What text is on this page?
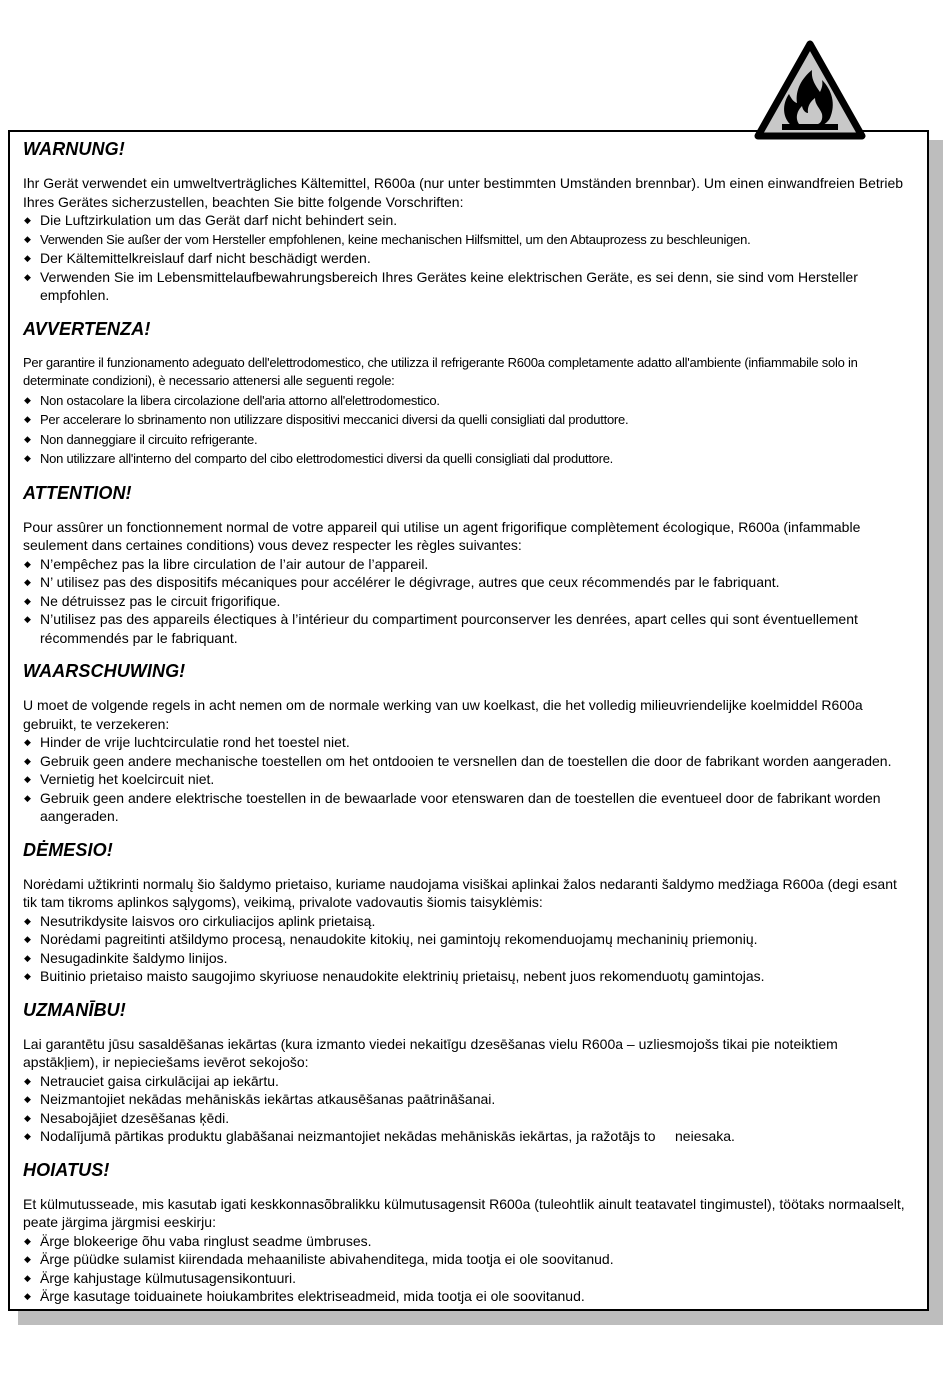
WARNUNG!

Ihr Gerät verwendet ein umweltverträgliches Kältemittel, R600a (nur unter bestimmten Umständen brennbar). Um einen einwandfreien Betrieb Ihres Gerätes sicherzustellen, beachten Sie bitte folgende Vorschriften:

◆ Die Luftzirkulation um das Gerät darf nicht behindert sein.
◆ Verwenden Sie außer der vom Hersteller empfohlenen, keine mechanischen Hilfsmittel, um den Abtauprozess zu beschleunigen.
◆ Der Kältemittelkreislauf darf nicht beschädigt werden.
◆ Verwenden Sie im Lebensmittelaufbewahrungsbereich Ihres Gerätes keine elektrischen Geräte, es sei denn, sie sind vom Hersteller empfohlen.
AVVERTENZA!

Per garantire il funzionamento adeguato dell'elettrodomestico, che utilizza il refrigerante R600a completamente adatto all'ambiente (infiammabile solo in determinate condizioni), è necessario attenersi alle seguenti regole:

◆ Non ostacolare la libera circolazione dell'aria attorno all'elettrodomestico.
◆ Per accelerare lo sbrinamento non utilizzare dispositivi meccanici diversi da quelli consigliati dal produttore.
◆ Non danneggiare il circuito refrigerante.
◆ Non utilizzare all'interno del comparto del cibo elettrodomestici diversi da quelli consigliati dal produttore.
ATTENTION!

Pour assûrer un fonctionnement normal de votre appareil qui utilise un agent frigorifique complètement écologique, R600a (infammable seulement dans certaines conditions) vous devez respecter les règles suivantes:

◆ N’empêchez pas la libre circulation de l’air autour de l’appareil.
◆ N’ utilisez pas des dispositifs mécaniques pour accélérer le dégivrage, autres que ceux récommendés par le fabriquant.
◆ Ne détruissez pas le circuit frigorifique.
◆ N’utilisez pas des appareils électiques à l’intérieur du compartiment pourconserver les denrées, apart celles qui sont éventuellement récommendés par le fabriquant.
WAARSCHUWING!

U moet de volgende regels in acht nemen om de normale werking van uw koelkast, die het volledig milieuvriendelijke koelmiddel R600a gebruikt, te verzekeren:

◆ Hinder de vrije luchtcirculatie rond het toestel niet.
◆ Gebruik geen andere mechanische toestellen om het ontdooien te versnellen dan de toestellen die door de fabrikant worden aangeraden.
◆ Vernietig het koelcircuit niet.
◆ Gebruik geen andere elektrische toestellen in de bewaarlade voor etenswaren dan de toestellen die eventueel door de fabrikant worden aangeraden.
DĖMESIO!

Norėdami užtikrinti normalų šio šaldymo prietaiso, kuriame naudojama visiškai aplinkai žalos nedaranti šaldymo medžiaga R600a (degi esant tik tam tikroms aplinkos sąlygoms), veikimą, privalote vadovautis šiomis taisyklėmis:

◆ Nesutrikdysite laisvos oro cirkuliacijos aplink prietaisą.
◆ Norėdami pagreitinti atšildymo procesą, nenaudokite kitokių, nei gamintojų rekomenduojamų mechaninių priemonių.
◆ Nesugadinkite šaldymo linijos.
◆ Buitinio prietaiso maisto saugojimo skyriuose nenaudokite elektrinių prietaisų, nebent juos rekomenduotų gamintojas.
UZMANĪBU!

Lai garantētu jūsu sasaldēšanas iekārtas (kura izmanto viedei nekaitīgu dzesēšanas vielu R600a – uzliesmojošs tikai pie noteiktiem apstākļiem), ir nepieciešams ievērot sekojošo:

◆ Netrauciet gaisa cirkulācijai ap iekārtu.
◆ Neizmantojiet nekādas mehāniskās iekārtas atkausēšanas paātrināšanai.
◆ Nesabojājiet dzesēšanas ķēdi.
◆ Nodalījumā pārtikas produktu glabāšanai neizmantojiet nekādas mehāniskās iekārtas, ja ražotājs to     neiesaka.
HOIATUS!

Et külmutusseade, mis kasutab igati keskkonnasõbralikku külmutusagensit R600a (tuleohtlik ainult teatavatel tingimustel), töötaks normaalselt, peate järgima järgmisi eeskirju:

◆ Ärge blokeerige õhu vaba ringlust seadme ümbruses.
◆ Ärge püüdke sulamist kiirendada mehaaniliste abivahenditega, mida tootja ei ole soovitanud.
◆ Ärge kahjustage külmutusagensikontuuri.
◆ Ärge kasutage toiduainete hoiukambrites elektriseadmeid, mida tootja ei ole soovitanud.
